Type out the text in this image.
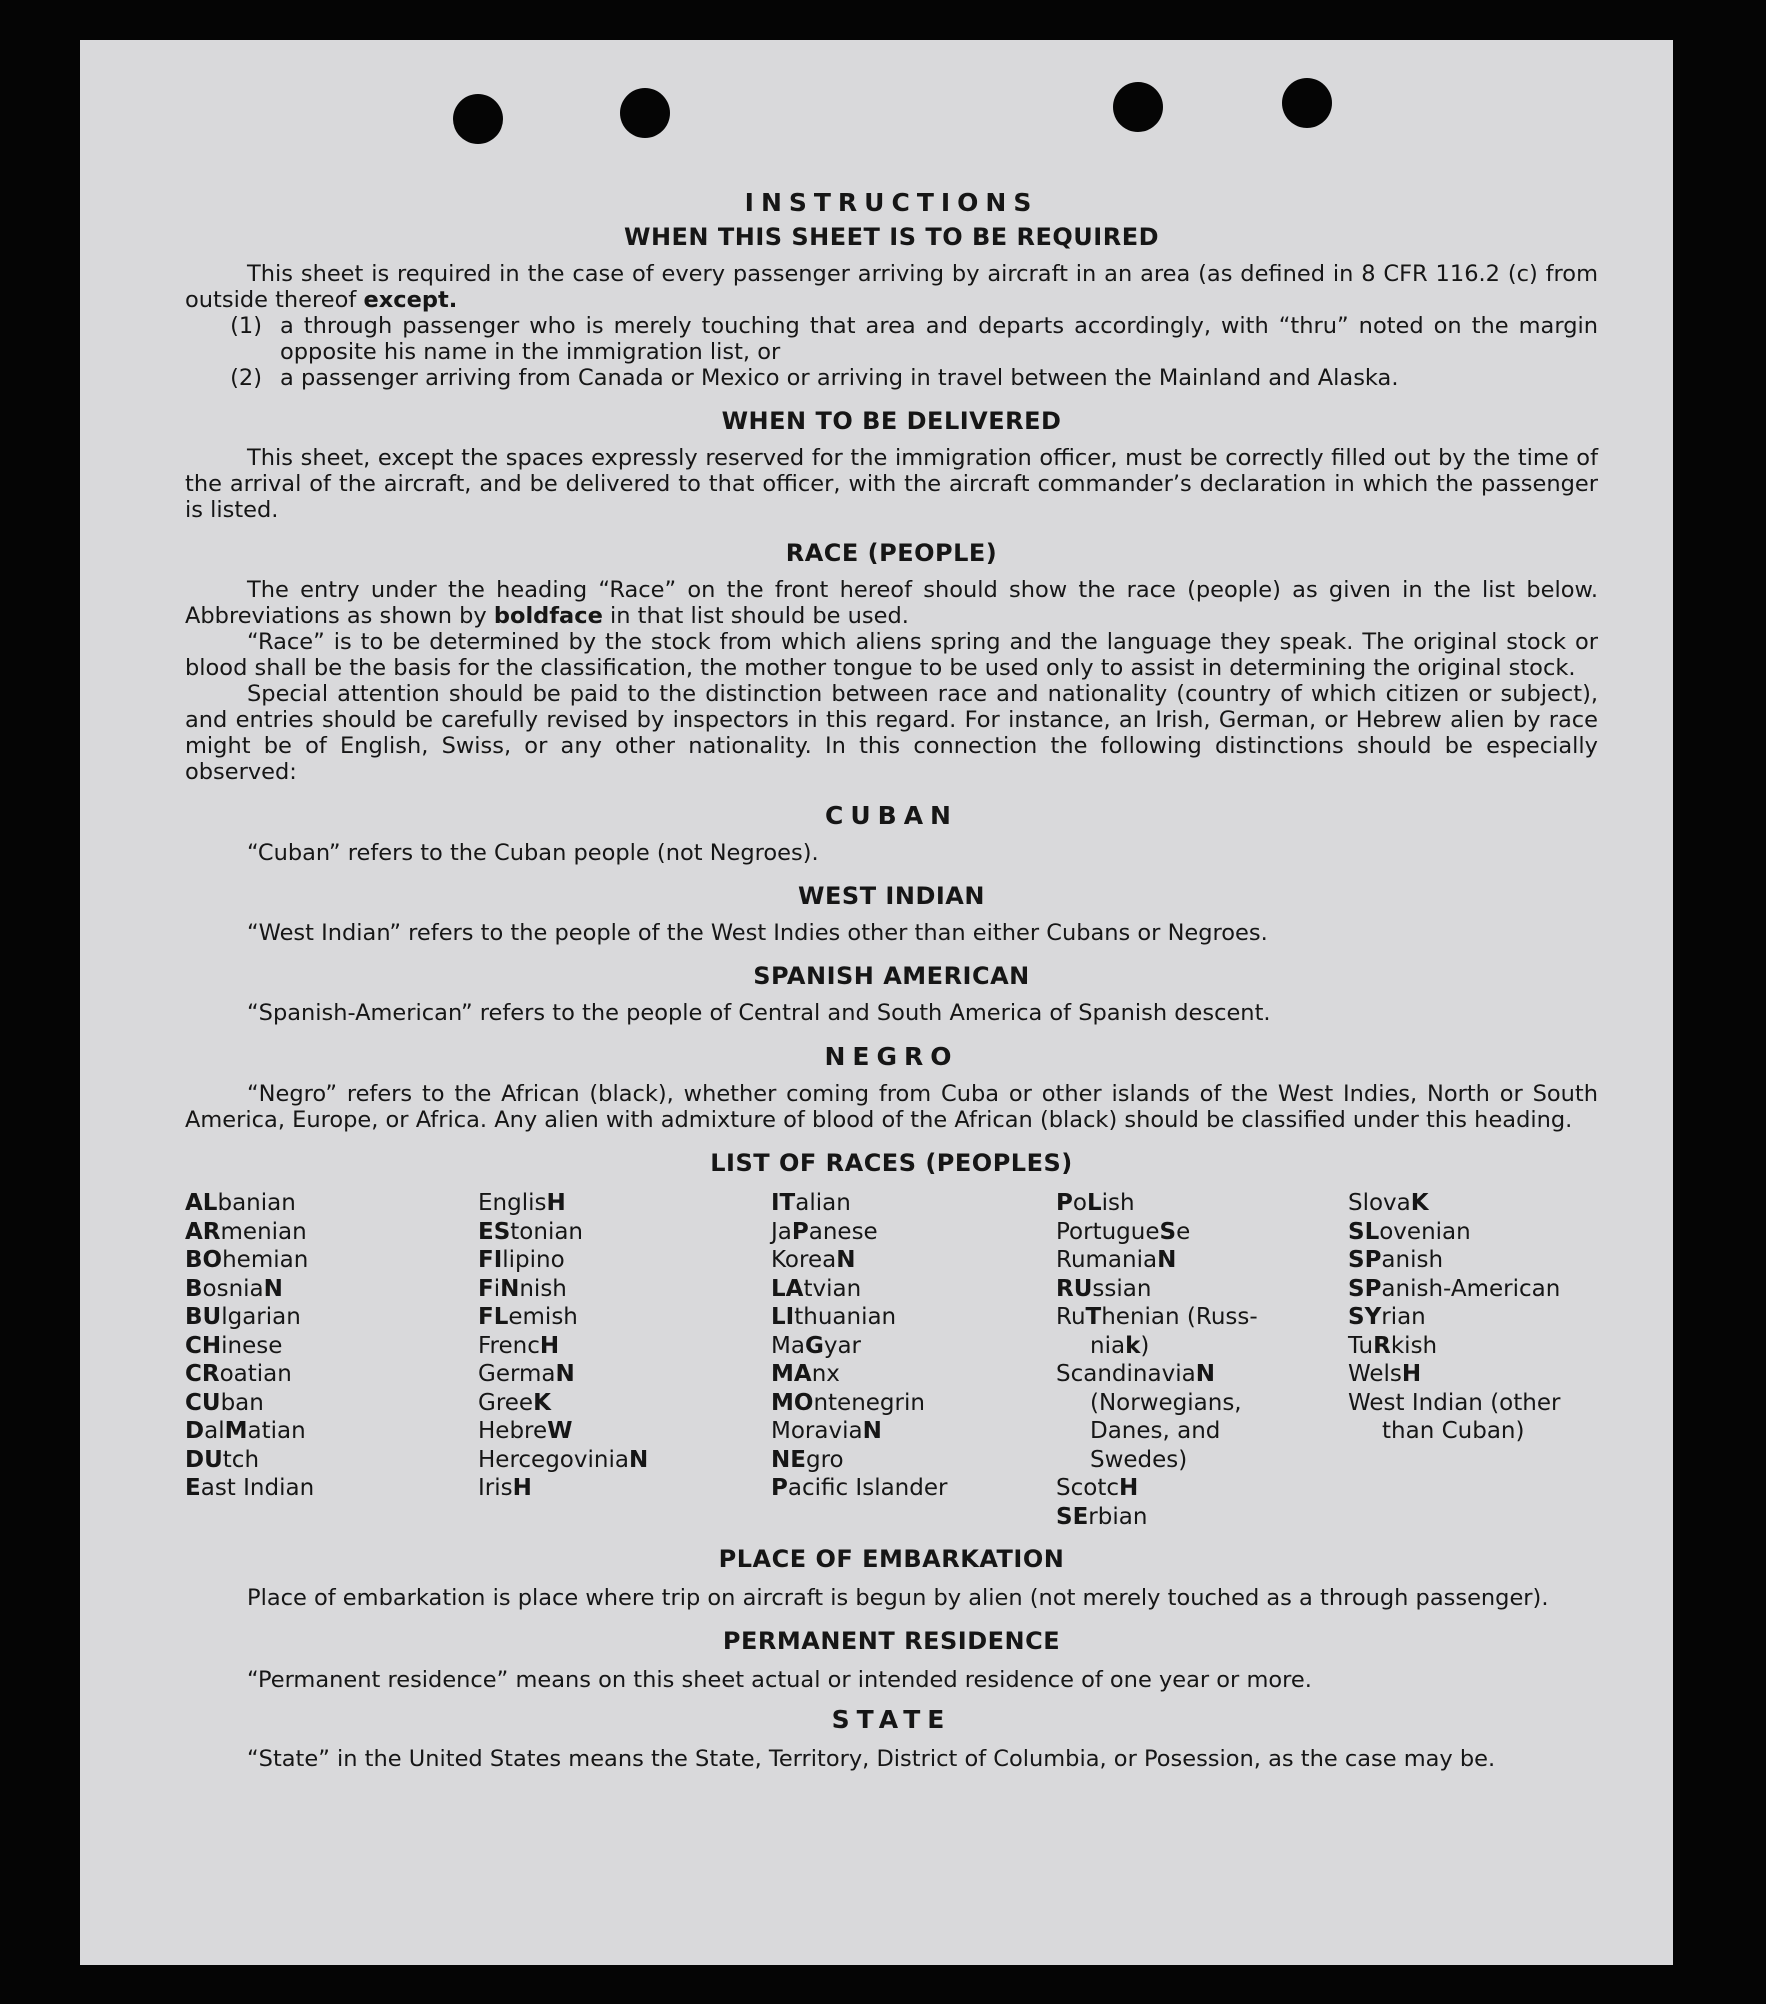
INSTRUCTIONS
WHEN THIS SHEET IS TO BE REQUIRED

This sheet is required in the case of every passenger arriving by aircraft in an area (as defined in 8 CFR 116.2 (c) from outside thereof except.

(1) a through passenger who is merely touching that area and departs accordingly, with “thru” noted on the margin opposite his name in the immigration list, or
(2) a passenger arriving from Canada or Mexico or arriving in travel between the Mainland and Alaska.
WHEN TO BE DELIVERED

This sheet, except the spaces expressly reserved for the immigration officer, must be correctly filled out by the time of the arrival of the aircraft, and be delivered to that officer, with the aircraft commander’s declaration in which the passenger is listed.

RACE (PEOPLE)

The entry under the heading “Race” on the front hereof should show the race (people) as given in the list below. Abbreviations as shown by boldface in that list should be used.

“Race” is to be determined by the stock from which aliens spring and the language they speak. The original stock or blood shall be the basis for the classification, the mother tongue to be used only to assist in determining the original stock.

Special attention should be paid to the distinction between race and nationality (country of which citizen or subject), and entries should be carefully revised by inspectors in this regard. For instance, an Irish, German, or Hebrew alien by race might be of English, Swiss, or any other nationality. In this connection the following distinctions should be especially observed:

CUBAN

“Cuban” refers to the Cuban people (not Negroes).

WEST INDIAN

“West Indian” refers to the people of the West Indies other than either Cubans or Negroes.

SPANISH AMERICAN

“Spanish-American” refers to the people of Central and South America of Spanish descent.

NEGRO

“Negro” refers to the African (black), whether coming from Cuba or other islands of the West Indies, North or South America, Europe, or Africa. Any alien with admixture of blood of the African (black) should be classified under this heading.

LIST OF RACES (PEOPLES)
ALbanian
ARmenian
BOhemian
BosniaN
BUlgarian
CHinese
CRoatian
CUban
DalMatian
DUtch
East Indian
EnglisH
EStonian
FIlipino
FiNnish
FLemish
FrencH
GermaN
GreeK
HebreW
HercegoviniaN
IrisH
ITalian
JaPanese
KoreaN
LAtvian
LIthuanian
MaGyar
MAnx
MOntenegrin
MoraviaN
NEgro
Pacific Islander
PoLish
PortugueSe
RumaniaN
RUssian
RuThenian (Russ-
niak)
ScandinaviaN
(Norwegians,
Danes, and
Swedes)
ScotcH
SErbian
SlovaK
SLovenian
SPanish
SPanish-American
SYrian
TuRkish
WelsH
West Indian (other
than Cuban)
PLACE OF EMBARKATION

Place of embarkation is place where trip on aircraft is begun by alien (not merely touched as a through passenger).

PERMANENT RESIDENCE

“Permanent residence” means on this sheet actual or intended residence of one year or more.

STATE

“State” in the United States means the State, Territory, District of Columbia, or Posession, as the case may be.
